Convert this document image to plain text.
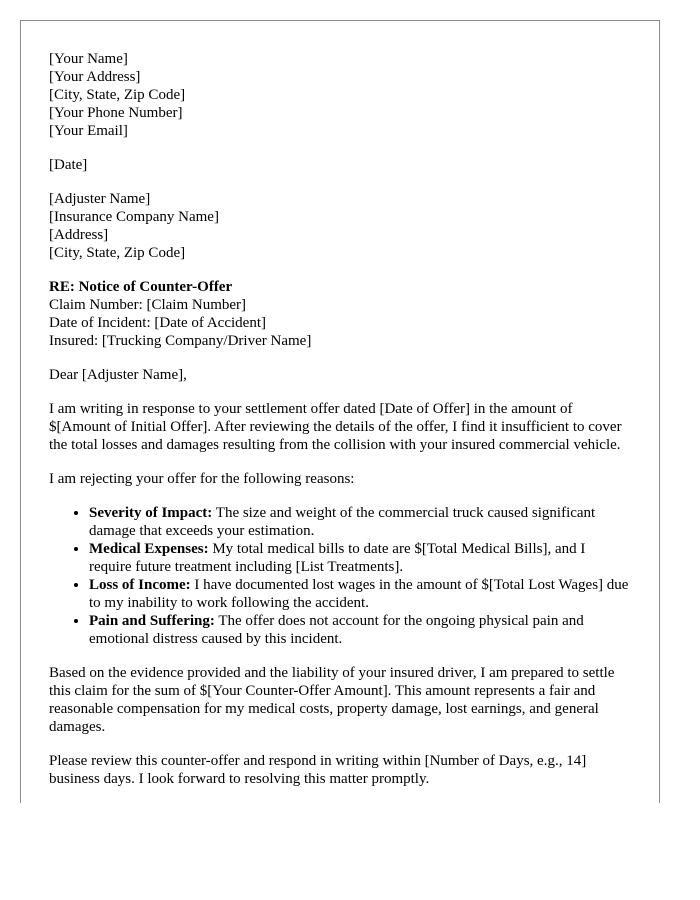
[Your Name]
[Your Address]
[City, State, Zip Code]
[Your Phone Number]
[Your Email]
[Date]
[Adjuster Name]
[Insurance Company Name]
[Address]
[City, State, Zip Code]
RE: Notice of Counter-Offer
Claim Number: [Claim Number]
Date of Incident: [Date of Accident]
Insured: [Trucking Company/Driver Name]

Dear [Adjuster Name],

I am writing in response to your settlement offer dated [Date of Offer] in the amount of $[Amount of Initial Offer]. After reviewing the details of the offer, I find it insufficient to cover the total losses and damages resulting from the collision with your insured commercial vehicle.

I am rejecting your offer for the following reasons:

• Severity of Impact: The size and weight of the commercial truck caused significant damage that exceeds your estimation.
• Medical Expenses: My total medical bills to date are $[Total Medical Bills], and I require future treatment including [List Treatments].
• Loss of Income: I have documented lost wages in the amount of $[Total Lost Wages] due to my inability to work following the accident.
• Pain and Suffering: The offer does not account for the ongoing physical pain and emotional distress caused by this incident.

Based on the evidence provided and the liability of your insured driver, I am prepared to settle this claim for the sum of $[Your Counter-Offer Amount]. This amount represents a fair and reasonable compensation for my medical costs, property damage, lost earnings, and general damages.

Please review this counter-offer and respond in writing within [Number of Days, e.g., 14] business days. I look forward to resolving this matter promptly.
